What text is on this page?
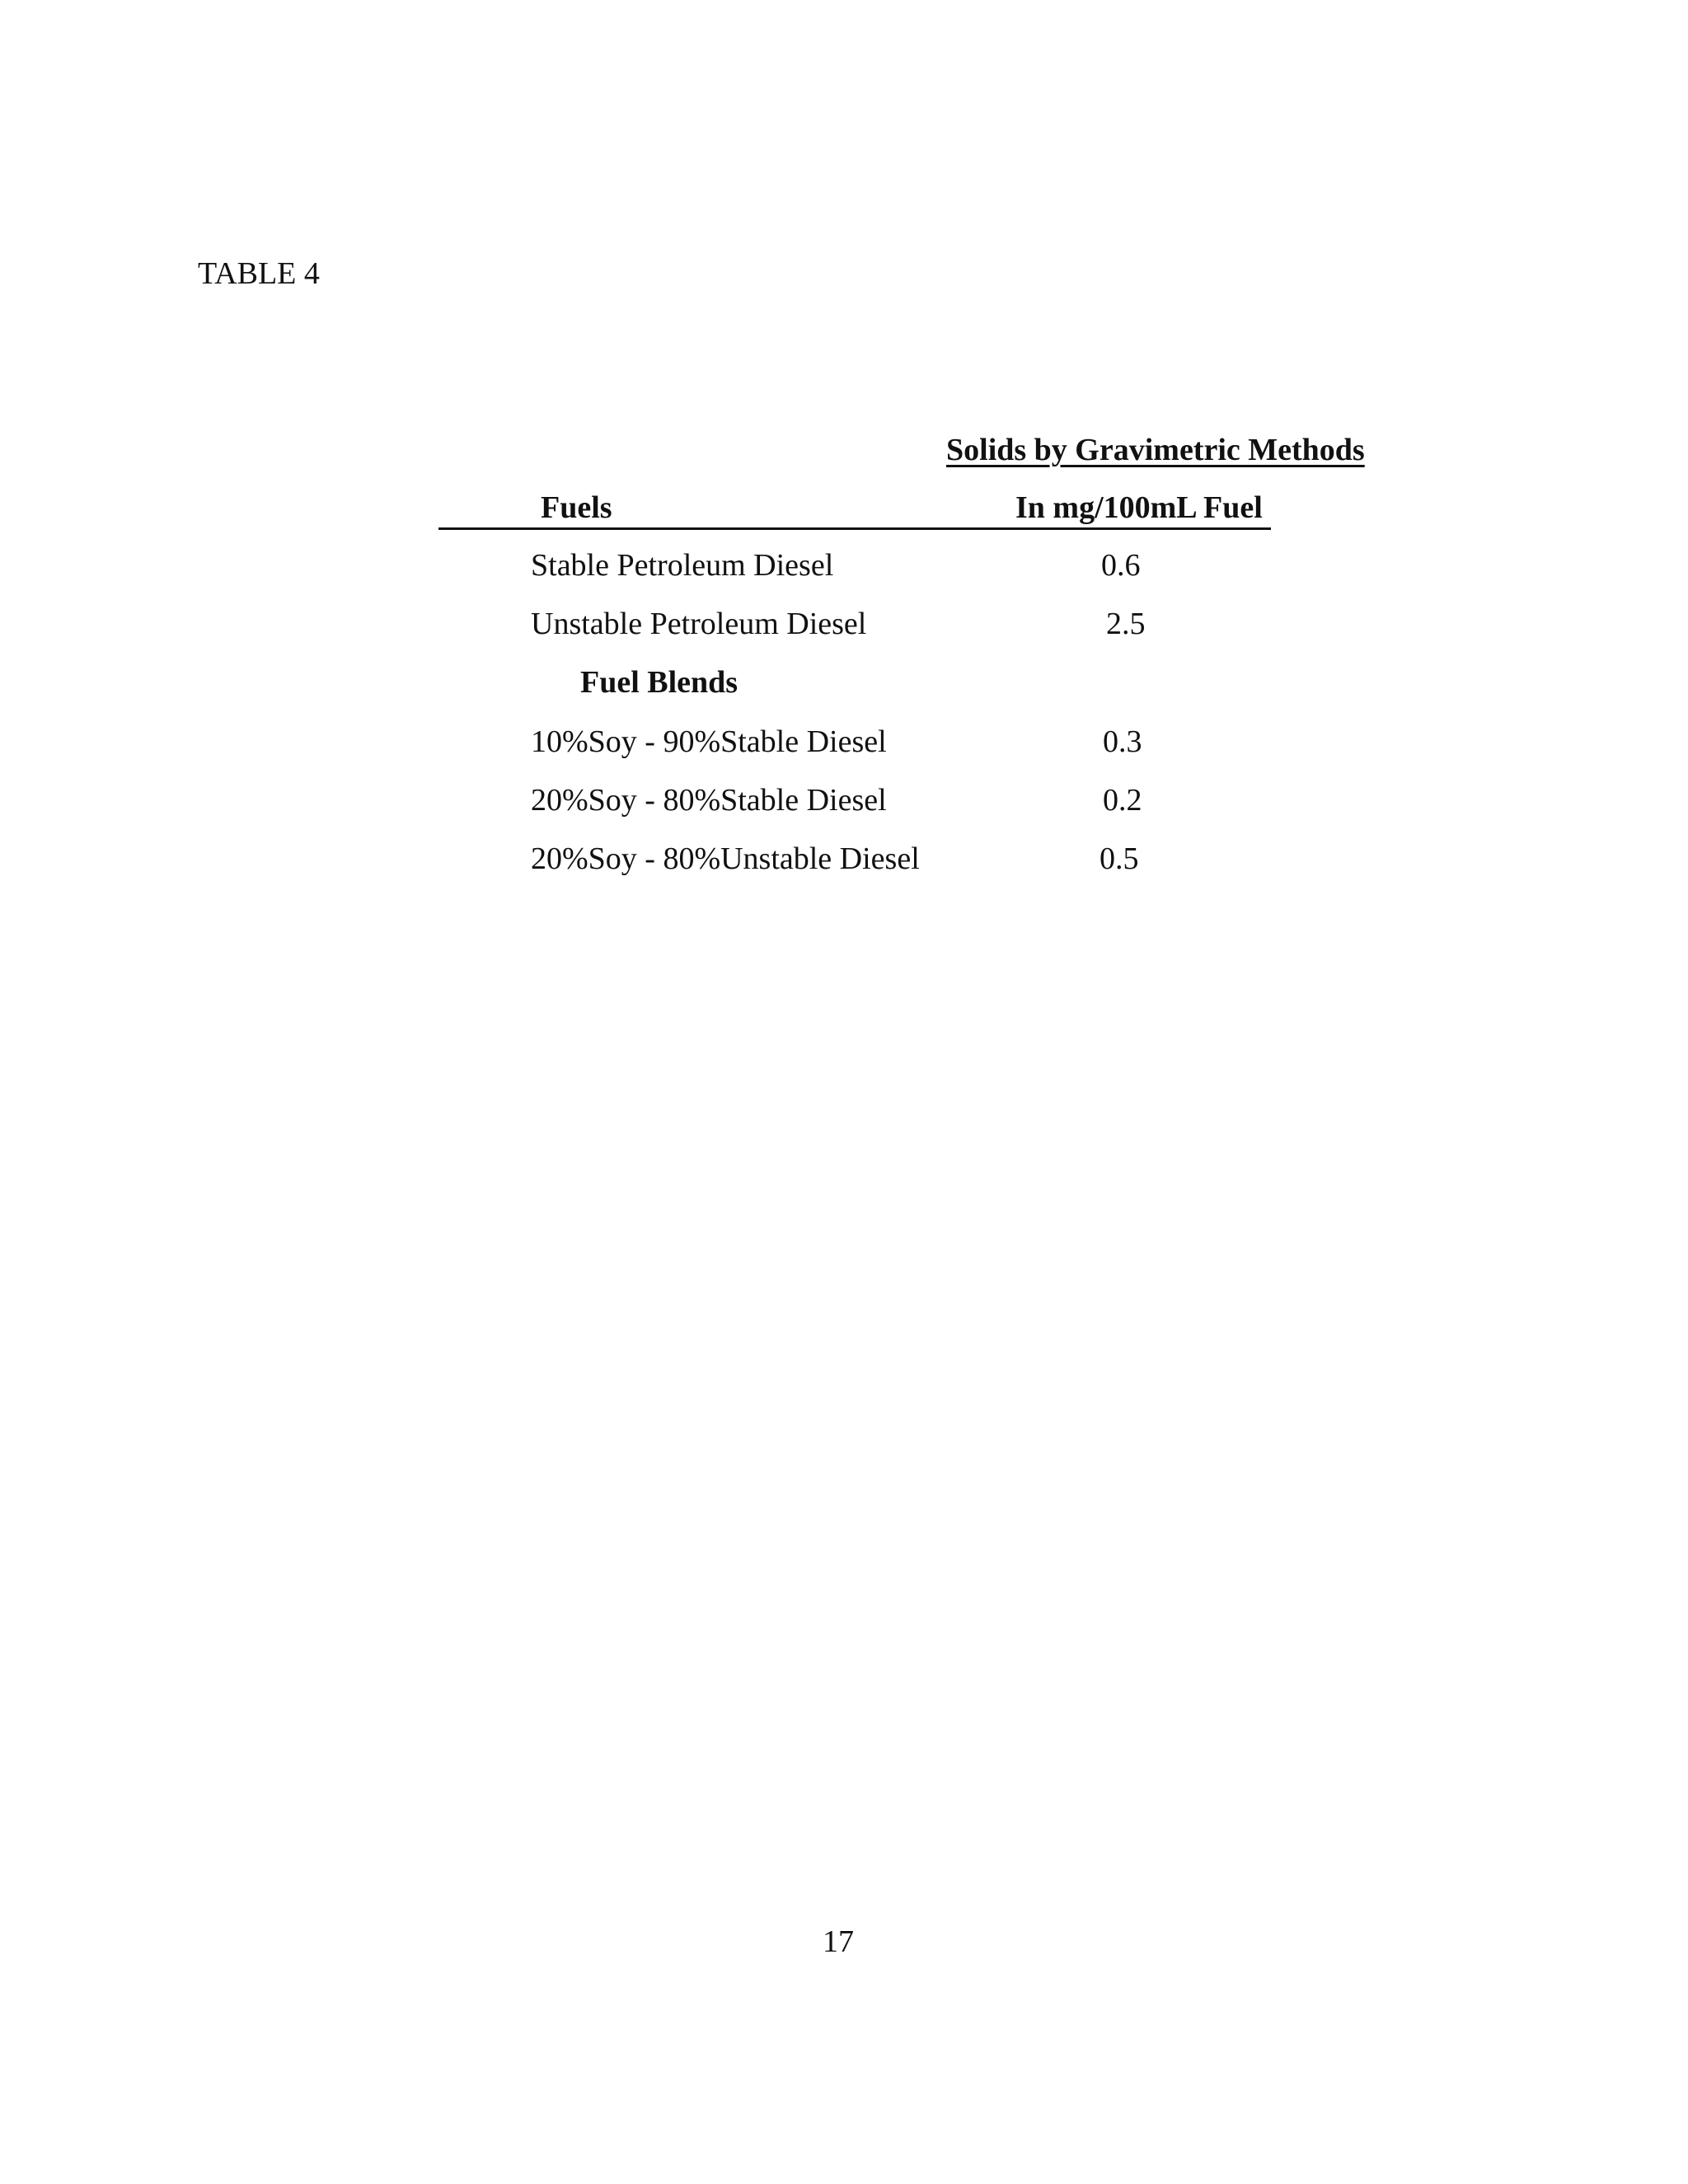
TABLE 4
Solids by Gravimetric Methods
Fuels	In mg/100mL Fuel
Stable Petroleum Diesel	0.6
Unstable Petroleum Diesel	2.5
Fuel Blends
10%Soy - 90%Stable Diesel	0.3
20%Soy - 80%Stable Diesel	0.2
20%Soy - 80%Unstable Diesel	0.5
17
